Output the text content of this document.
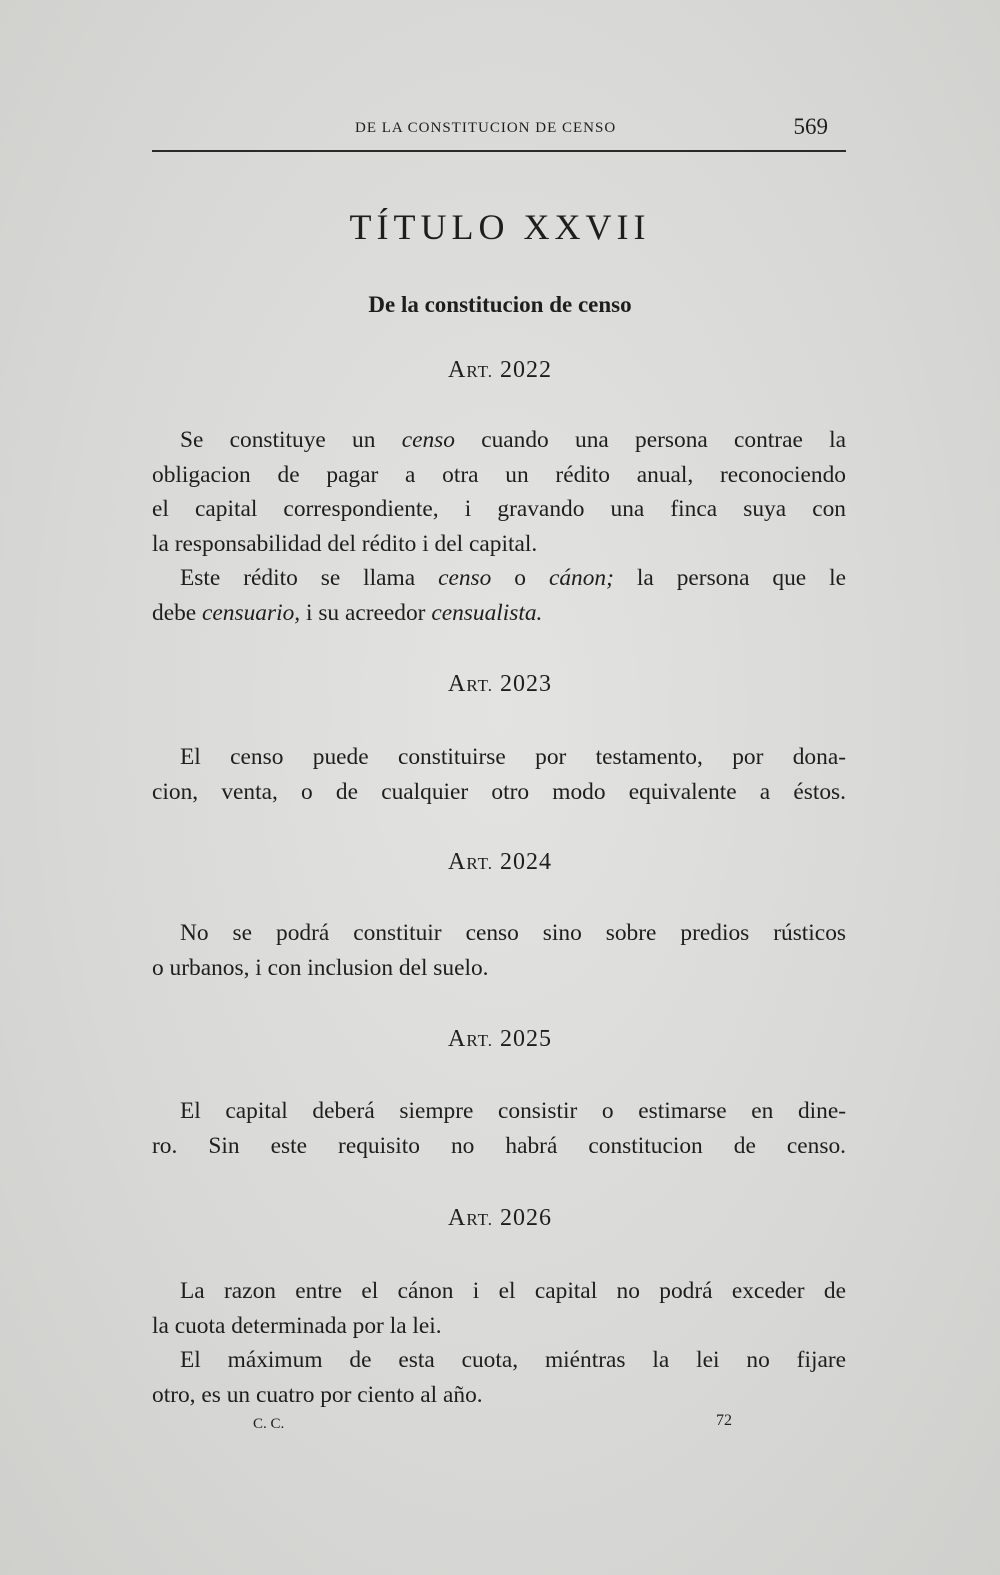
DE LA CONSTITUCION DE CENSO	569
TÍTULO XXVII
De la constitucion de censo
ART. 2022
Se constituye un censo cuando una persona contrae la
obligacion de pagar a otra un rédito anual, reconociendo
el capital correspondiente, i gravando una finca suya con
la responsabilidad del rédito i del capital.
Este rédito se llama censo o cánon; la persona que le
debe censuario, i su acreedor censualista.
ART. 2023
El censo puede constituirse por testamento, por dona-
cion, venta, o de cualquier otro modo equivalente a éstos.
ART. 2024
No se podrá constituir censo sino sobre predios rústicos
o urbanos, i con inclusion del suelo.
ART. 2025
El capital deberá siempre consistir o estimarse en dine-
ro. Sin este requisito no habrá constitucion de censo.
ART. 2026
La razon entre el cánon i el capital no podrá exceder de
la cuota determinada por la lei.
El máximum de esta cuota, miéntras la lei no fijare
otro, es un cuatro por ciento al año.
C. C.	72
